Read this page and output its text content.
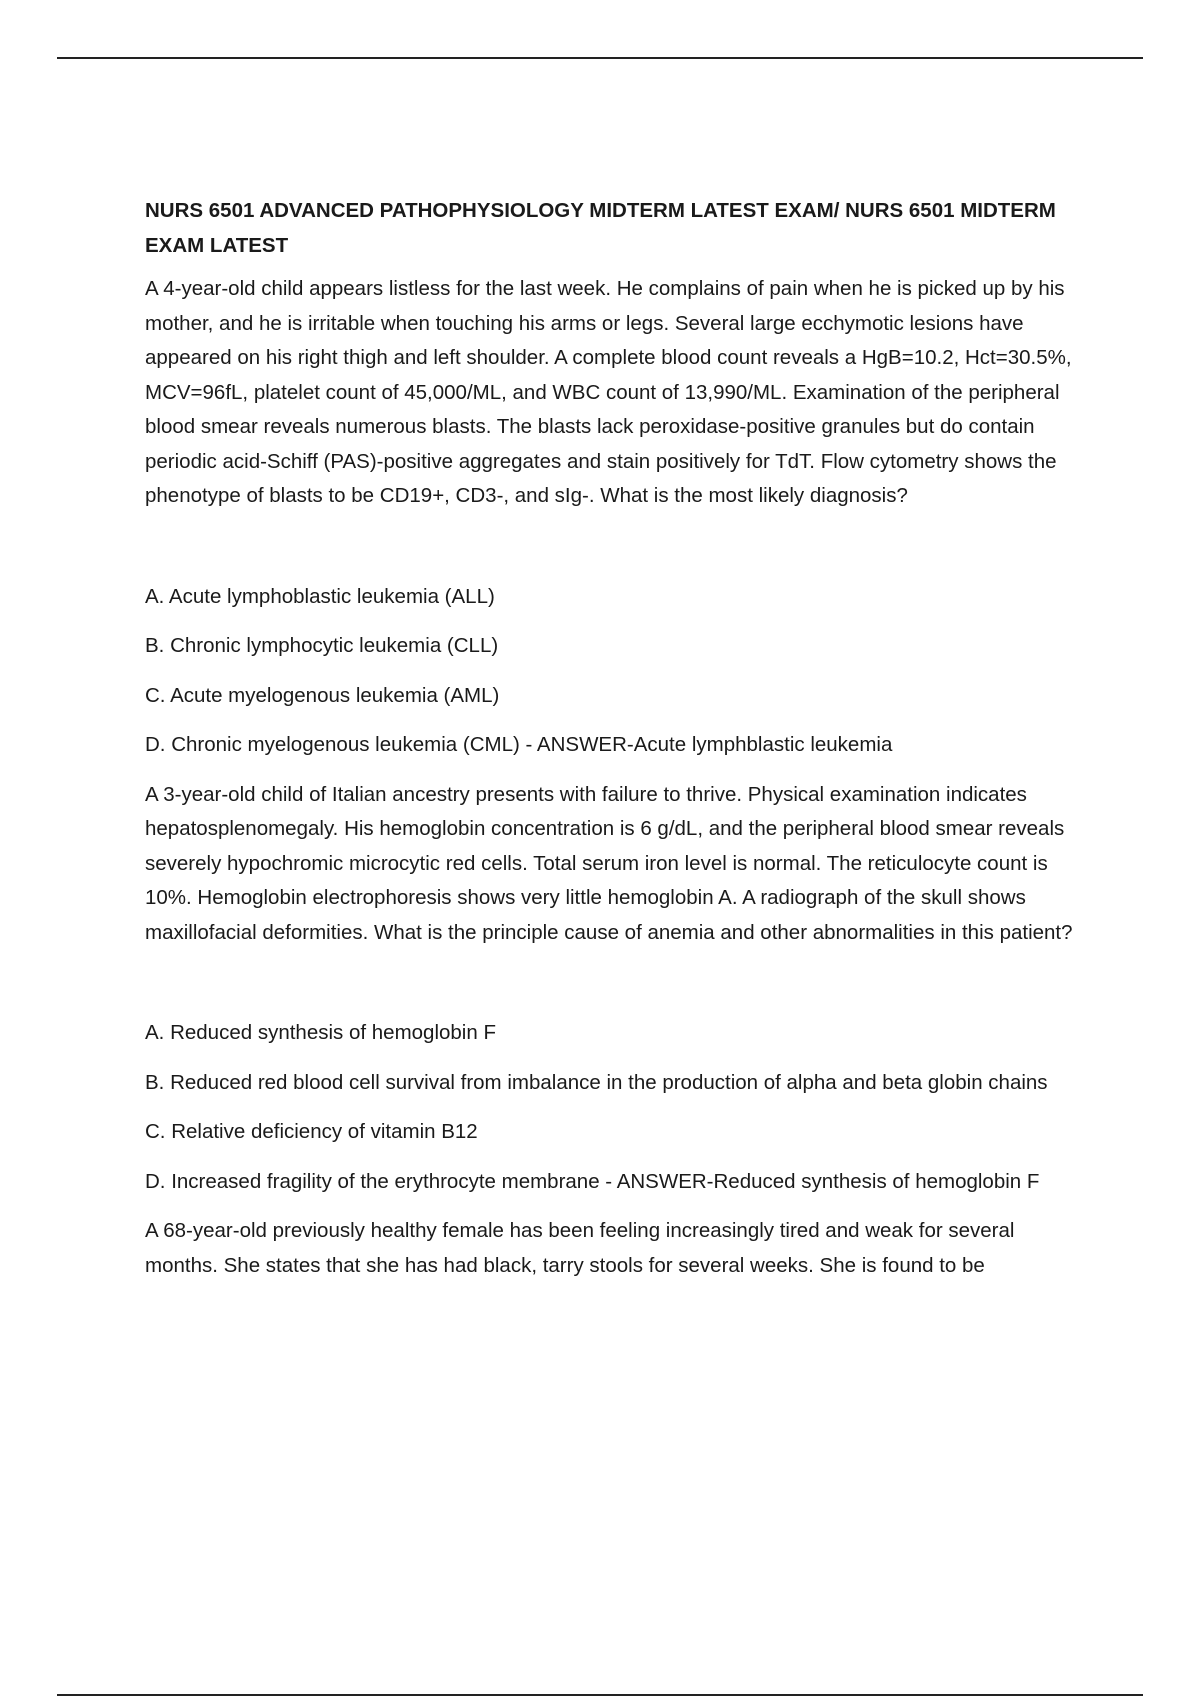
NURS 6501 ADVANCED PATHOPHYSIOLOGY MIDTERM LATEST EXAM/ NURS 6501 MIDTERM EXAM LATEST
A 4-year-old child appears listless for the last week. He complains of pain when he is picked up by his mother, and he is irritable when touching his arms or legs. Several large ecchymotic lesions have appeared on his right thigh and left shoulder. A complete blood count reveals a HgB=10.2, Hct=30.5%, MCV=96fL, platelet count of 45,000/ML, and WBC count of 13,990/ML. Examination of the peripheral blood smear reveals numerous blasts. The blasts lack peroxidase-positive granules but do contain periodic acid-Schiff (PAS)-positive aggregates and stain positively for TdT. Flow cytometry shows the phenotype of blasts to be CD19+, CD3-, and sIg-. What is the most likely diagnosis?
A. Acute lymphoblastic leukemia (ALL)
B. Chronic lymphocytic leukemia (CLL)
C. Acute myelogenous leukemia (AML)
D. Chronic myelogenous leukemia (CML) - ANSWER-Acute lymphblastic leukemia
A 3-year-old child of Italian ancestry presents with failure to thrive. Physical examination indicates hepatosplenomegaly. His hemoglobin concentration is 6 g/dL, and the peripheral blood smear reveals severely hypochromic microcytic red cells. Total serum iron level is normal. The reticulocyte count is 10%. Hemoglobin electrophoresis shows very little hemoglobin A. A radiograph of the skull shows maxillofacial deformities. What is the principle cause of anemia and other abnormalities in this patient?
A. Reduced synthesis of hemoglobin F
B. Reduced red blood cell survival from imbalance in the production of alpha and beta globin chains
C. Relative deficiency of vitamin B12
D. Increased fragility of the erythrocyte membrane - ANSWER-Reduced synthesis of hemoglobin F
A 68-year-old previously healthy female has been feeling increasingly tired and weak for several months. She states that she has had black, tarry stools for several weeks. She is found to be
